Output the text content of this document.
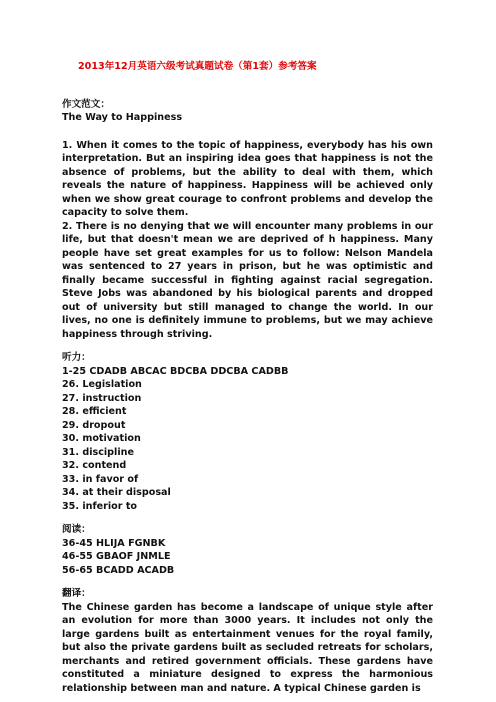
2013年12月英语六级考试真题试卷（第1套）参考答案
作文范文：
The Way to Happiness

1. When it comes to the topic of happiness, everybody has his own interpretation. But an inspiring idea goes that happiness is not the absence of problems, but the ability to deal with them, which reveals the nature of happiness. Happiness will be achieved only when we show great courage to confront problems and develop the capacity to solve them.

2. There is no denying that we will encounter many problems in our life, but that doesn't mean we are deprived of h happiness. Many people have set great examples for us to follow: Nelson Mandela was sentenced to 27 years in prison, but he was optimistic and finally became successful in fighting against racial segregation. Steve Jobs was abandoned by his biological parents and dropped out of university but still managed to change the world. In our lives, no one is definitely immune to problems, but we may achieve happiness through striving.

听力：
1-25 CDADB ABCAC BDCBA DDCBA CADBB
26. Legislation
27. instruction
28. efficient
29. dropout
30. motivation
31. discipline
32. contend
33. in favor of
34. at their disposal
35. inferior to
阅读：
36-45 HLIJA FGNBK
46-55 GBAOF JNMLE
56-65 BCADD ACADB
翻译：

The Chinese garden has become a landscape of unique style after an evolution for more than 3000 years. It includes not only the large gardens built as entertainment venues for the royal family, but also the private gardens built as secluded retreats for scholars, merchants and retired government officials. These gardens have constituted a miniature designed to express the harmonious relationship between man and nature. A typical Chinese garden is
